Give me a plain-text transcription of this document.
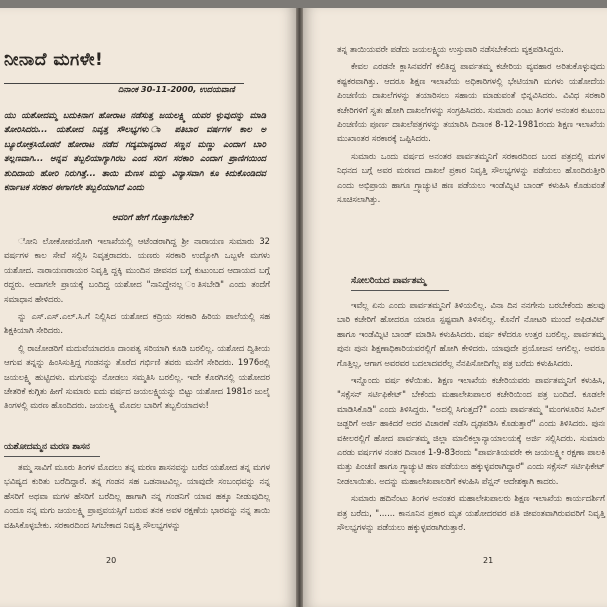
ನೀನಾದೆ ಮಗಳೇ!
ದಿನಾಂಕ 30-11-2000, ಉದಯವಾಣಿ
ಯು ಯಶೋದಮ್ಮ ಬದುಕಿನಾಗ ಹೋರಾಟ ನಡೆಸುತ್ತ ಜಯಲಕ್ಷ್ಮಿ ಯವರ ಳ್ಳುವುದನ್ನು ಮಾಡಿ ತೋರಿಸಿದರು... ಯಶೋದ ನಿವೃತ್ತ ಸೌಲಭ್ಯಗಳು ಾ ಪತಿಬಾರ ವರ್ಷಗಳ ಕಾಲ ಅ ಬ್ಯೂರೋಕ್ರಸಿಯೊಡನೆ ಹೋರಾಟ ನಡೆದ ಗದ್ಯಮಾನ್ಯರಾದ ಸಣ್ಣನ ಮಣ್ಣು ಎಂದಾಗ ಬಾರಿ ತಲ್ಲಣವಾಗಿ... ಅನ್ನವ ತಬ್ಬಲಿಯಾಗ್ಯಾಗಿರಬ ಎಂದ ಸರಿಗ ಸರಕಾರಿ ಎಂದಾಗ ಪ್ರಾಣಿಗಯಿಂದ ಶುದಿದಾಯ ಹೋರಿ ನಿರುಗಿತ್ತೆ... ತಾಯಿ ಮೆಣಸ ಮದ್ದು ವಿನ್ಯಾಸವಾಗಿ ಕೂ ಕಿದುಕೊಂಡಿದವ ಕರ್ನಾಟಕ ಸರಕಾರ ಈಗಾಗಲೇ ತಬ್ಬಲಿಯಾಗಿದೆ ಎಂದು
ಅವರಿಗೆ ಹೇಗೆ ಗೊತ್ತಾಗಬೇಕು?

ೋನಿ ಲೋಕೋಪಯೋಗಿ ಇಲಾಖೆಯಲ್ಲಿ ಆಟೆಂಡರಾಗಿದ್ದ ಶ್ರೀ ನಾರಾಯಣ ಸುಮಾರು 32 ವರ್ಷಗಳ ಕಾಲ ಸೇವೆ ಸಲ್ಲಿಸಿ ನಿವೃತ್ತರಾದರು. ಯಣರು ಸರಕಾರಿ ಉದ್ಯೋಗಿ ಒಬ್ಬಳೇ ಮಗಳು ಯಶೋದ. ನಾರಾಯಣರಾಯರ ನಿವೃತ್ತಿ ದ್ದಕ್ಕಿ ಮುಂದಿನ ಜೀವನದ ಬಗ್ಗೆ ಕುಟುಂಬದ ಆದಾಯದ ಬಗ್ಗೆ ರದ್ದರು. ಅದಾಗಲೇ ಪ್ರಾಯಕ್ಕೆ ಬಂದಿದ್ದ ಯಶೋದ "ನಾನಿದ್ದೇನಲ್ಲ ಂತಿಸಬೇಡಿ" ಎಂದು ತಂದೆಗೆ ಸಮಾಧಾನ ಹೇಳಿದರು.

ನ್ನು ಎಸ್.ಎಸ್.ಎಲ್.ಸಿ.ಗೆ ನಿಲ್ಲಿಸಿದ ಯಶೋದ ಕದ್ರಿಯ ಸರಕಾರಿ ಹಿರಿಯ ಪಾಲೆಯಲ್ಲಿ ಸಹ ಶಿಕ್ಷಕಿಯಾಗಿ ಸೇರಿದರು.

ಲ್ಲಿ ರಾಜೋಡರಿಗೆ ಮದುವೆಯಾದರೂ ದಾಂಪತ್ಯ ಸರಿಯಾಗಿ ಕೂಡಿ ಬರಲಿಲ್ಲ. ಯಶೋದ ದ್ವಿತೀಯ ಆಗುವ ತನ್ನನ್ನು ಹಿಂಸಿಸುತ್ತಿದ್ದ ಗಂಡನನ್ನು ತೊರೆದ ಗರ್ಭಿಣಿ ತವರು ಮನೆಗೆ ಸೇರಿದರು. 1976ರಲ್ಲಿ ಜಯಲಕ್ಷ್ಮಿ ಹುಟ್ಟಿದಳು. ಮಗುವನ್ನು ನೋಡಲು ಸಮ್ಮತಿಸಿ ಬರಲಿಲ್ಲ. ಇದೇ ಕೊರಗಿನಲ್ಲಿ ಯಶೋದರ ಚೇತರಿಕೆ ಕುಗ್ಗಿತು ಹೀಗೆ ಸುಮಾರು ಐದು ವರ್ಷದ ಜಯಲಕ್ಷ್ಮಿಯನ್ನು ಬಿಟ್ಟು ಯಶೋದ 1981ರ ಜುಲೈ ತಿಂಗಳಲ್ಲಿ ಮರಣ ಹೊಂದಿದರು. ಜಯಲಕ್ಷ್ಮಿ ಮೊದಲ ಬಾರಿಗೆ ತಬ್ಬಲಿಯಾದಳು!

ಯಶೋದಮ್ಮನ ಮರಣ ಶಾಸನ

ತಮ್ಮ ಸಾವಿಗೆ ಮೂರು ತಿಂಗಳ ಮೊದಲು ತನ್ನ ಮರಣ ಶಾಸನವನ್ನು ಬರೆದ ಯಶೋದ ತನ್ನ ಮಗಳ ಭವಿಷ್ಯದ ಕುರಿತು ಬರೆದಿದ್ದಾರೆ. ತನ್ನ ಗಂಡನ ಸಹ ಒಡನಾಟವಿಲ್ಲ. ಯಾವುದೇ ಸಂಬಂಧವನ್ನು ನನ್ನ ಹೆಸರಿಗೆ ಅಥವಾ ಮಗಳ ಹೆಸರಿಗೆ ಬರೆದಿಲ್ಲ ಹಾಗಾಗಿ ನನ್ನ ಗಂಡನಿಗೆ ಯಾವ ಹಕ್ಕೂ ನೀಡುವುದಿಲ್ಲ ಎಂದೂ ನನ್ನ ಮಗು ಜಯಲಕ್ಷ್ಮಿ ಪ್ರಾಪ್ತವಯಸ್ಸಿಗೆ ಬರುವ ತನಕ ಅವಳ ರಕ್ಷಣೆಯ ಭಾರವನ್ನು ನನ್ನ ತಾಯಿ ವಹಿಸಿಕೊಳ್ಳಬೇಕು. ಸರಕಾರದಿಂದ ಸಿಗಬೇಕಾದ ನಿವೃತ್ತಿ ಸೌಲಭ್ಯಗಳನ್ನು

20

ತನ್ನ ತಾಯಿಯವರೇ ಪಡೆದು ಜಯಲಕ್ಷ್ಮಿಯ ಉಸ್ತುವಾರಿ ನಡೆಸಬೇಕೆಂದು ವ್ಯಕ್ತಪಡಿಸಿದ್ದರು.

ಕೇವಲ ಎರಡನೇ ಕ್ಲಾಸಿನವರೆಗೆ ಕಲಿತಿದ್ದ ಪಾರ್ವತಮ್ಮ ಕಚೇರಿಯ ವ್ಯವಹಾರ ಅರಿತುಕೊಳ್ಳುವುದು ಕಷ್ಟಕರವಾಗಿತ್ತು. ಆದರೂ ಶಿಕ್ಷಣ ಇಲಾಖೆಯ ಅಧಿಕಾರಿಗಳಲ್ಲಿ ಭೇಟಿಯಾಗಿ ಮಗಳು ಯಶೋದೆಯ ಪಿಂಚಣಿಯ ದಾಖಲೆಗಳನ್ನು ತಯಾರಿಸಲು ಸಹಾಯ ಮಾಡುವಂತೆ ಭಿನ್ನವಿಸಿದರು. ವಿವಿಧ ಸರಕಾರಿ ಕಚೇರಿಗಳಿಗೆ ಸ್ವತಃ ಹೋಗಿ ದಾಖಲೆಗಳನ್ನು ಸಂಗ್ರಹಿಸಿದರು. ಸುಮಾರು ಎಂಟು ತಿಂಗಳ ಅನಂತರ ಕುಟುಂಬ ಪಿಂಚಣಿಯ ಪೂರ್ಣ ದಾಖಲೆಪತ್ರಗಳನ್ನು ತಯಾರಿಸಿ ದಿನಾಂಕ 8-12-1981ರಂದು ಶಿಕ್ಷಣ ಇಲಾಖೆಯ ಮುಖಾಂತರ ಸರಕಾರಕ್ಕೆ ಒಪ್ಪಿಸಿದರು.

ಸುಮಾರು ಒಂದು ವರ್ಷದ ಅನಂತರ ಪಾರ್ವತಮ್ಮನಿಗೆ ಸರಕಾರದಿಂದ ಬಂದ ಪತ್ರದಲ್ಲಿ ಮಗಳ ನಿಧನದ ಬಗ್ಗೆ ಅವರ ಮರಣದ ದಾಖಲೆ ಪ್ರಕಾರ ನಿವೃತ್ತಿ ಸೌಲಭ್ಯಗಳನ್ನು ಪಡೆಯಲು ಹೊಂದಿರುತ್ತೀರಿ ಎಂದು ಅಭಿಪ್ರಾಯ ಹಾಗೂ ಗ್ರ್ಯಾಚ್ಯುಟಿ ಹಣ ಪಡೆಯಲು ಇಂಡೆಮ್ನಿಟಿ ಬಾಂಡ್ ಕಳುಹಿಸಿ ಕೊಡುವಂತೆ ಸೂಚಿಸಲಾಗಿತ್ತು.

ಸೋಲರಿಯದ ಪಾರ್ವತಮ್ಮ

ಇವೆಲ್ಲ ಏನು ಎಂದು ಪಾರ್ವತಮ್ಮನಿಗೆ ತಿಳಿಯಲಿಲ್ಲ. ವಿನಾ ದಿನ ನನಗೇನು ಬರಬೇಕೆಂದು ಹಲವು ಬಾರಿ ಕಚೇರಿಗೆ ಹೋದರೂ ಯಾರೂ ಸ್ಪಷ್ಟವಾಗಿ ತಿಳಿಸಲಿಲ್ಲ. ಕೊನೆಗೆ ನೋಟರಿ ಮುಂದೆ ಅಫಿಡವಿಟ್ ಹಾಗೂ ಇಂಡೆಮ್ನಿಟಿ ಬಾಂಡ್ ಮಾಡಿಸಿ ಕಳುಹಿಸಿದರು. ವರ್ಷ ಕಳೆದರೂ ಉತ್ತರ ಬರಲಿಲ್ಲ. ಪಾರ್ವತಮ್ಮ ಪುನಃ ಪುನಃ ಶಿಕ್ಷಣಾಧಿಕಾರಿಯವರಲ್ಲಿಗೆ ಹೋಗಿ ಕೇಳಿದರು. ಯಾವುದೇ ಪ್ರಯೋಜನ ಆಗಲಿಲ್ಲ. ಅವರೂ ಗೊತ್ತಿಲ್ಲ, ಆಗಾಗ ಅವರವರ ಬದಲಾದವರೆಲ್ಲ ನೆನಪಿಸೋದಿಗೆಲ್ಲ ಪತ್ರ ಬರೆದು ಕಳುಹಿಸಿದರು.

ಇನ್ನೊಂದು ವರ್ಷ ಕಳೆಯಿತು. ಶಿಕ್ಷಣ ಇಲಾಖೆಯ ಕಚೇರಿಯವರು ಪಾರ್ವತಮ್ಮನಿಗೆ ಕಳುಹಿಸಿ, "ಸಕ್ಸೆಸನ್ ಸರ್ಟಿಫಿಕೇಟ್" ಬೇಕೆಂದು ಮಹಾಲೇಖಪಾಲರ ಕಚೇರಿಯಿಂದ ಪತ್ರ ಬಂದಿದೆ. ಕೂಡಲೇ ಮಾಡಿಸಿಕೊಡಿ" ಎಂದು ತಿಳಿಸಿದ್ದರು. "ಅದಲ್ಲಿ ಸಿಗುತ್ತದೆ?" ಎಂದು ಪಾರ್ವತಮ್ಮ "ಮಂಗಳೂರಿನ ಸಿವಿಲ್ ಜಡ್ಜರಿಗೆ ಅರ್ಜಿ ಹಾಕಿದರೆ ಅದರ ವಿಚಾರಣೆ ನಡೆಸಿ ದೃಢಪಡಿಸಿ ಕೊಡುತ್ತಾರೆ" ಎಂದು ತಿಳಿಸಿದರು. ಪುನಃ ವಕೀಲರಲ್ಲಿಗೆ ಹೋದ ಪಾರ್ವತಮ್ಮ ಜಿಲ್ಲಾ ಮಾಲಿಕಲ್ಲಾನ್ಯಾಯಾಲಯಕ್ಕೆ ಅರ್ಜಿ ಸಲ್ಲಿಸಿದರು. ಸುಮಾರು ಎರಡು ವರ್ಷಗಳ ನಂತರ ದಿನಾಂಕ 1-9-83ರಂದು "ಪಾರ್ವತಿಯವರೇ ಈ ಜಯಲಕ್ಷ್ಮೀ ರಕ್ಷಣಾ ಪಾಲಕಿ ಮತ್ತು ಪಿಂಚಣಿ ಹಾಗೂ ಗ್ರ್ಯಾಚ್ಯುಟಿ ಹಣ ಪಡೆಯಲು ಹಕ್ಕುಳ್ಳವರಾಗಿದ್ದಾರೆ" ಎಂದು ಸಕ್ಸೆಸನ್ ಸರ್ಟಿಫಿಕೇಟ್ ನೀಡಲಾಯಿತು. ಅದನ್ನು ಮಹಾಲೇಖಪಾಲರಿಗೆ ಕಳುಹಿಸಿ ಪೆನ್ಷನ್ ಆದೇಶಕ್ಕಾಗಿ ಕಾದರು.

ಸುಮಾರು ಹದಿನೆಂಟು ತಿಂಗಳ ಅನಂತರ ಮಹಾಲೇಖಪಾಲರು ಶಿಕ್ಷಣ ಇಲಾಖೆಯ ಕಾರ್ಯದರ್ಶಿಗೆ ಪತ್ರ ಬರೆದು, "...... ಕಾನೂನಿನ ಪ್ರಕಾರ ಮೃತ ಯಶೋದರವರ ಪತಿ ಜೀವಂತವಾಗಿರುವವರಿಗೆ ನಿವೃತ್ತಿ ಸೌಲಭ್ಯಗಳನ್ನು ಪಡೆಯಲು ಹಕ್ಕುಳ್ಳವರಾಗಿರುತ್ತಾರೆ.

21
